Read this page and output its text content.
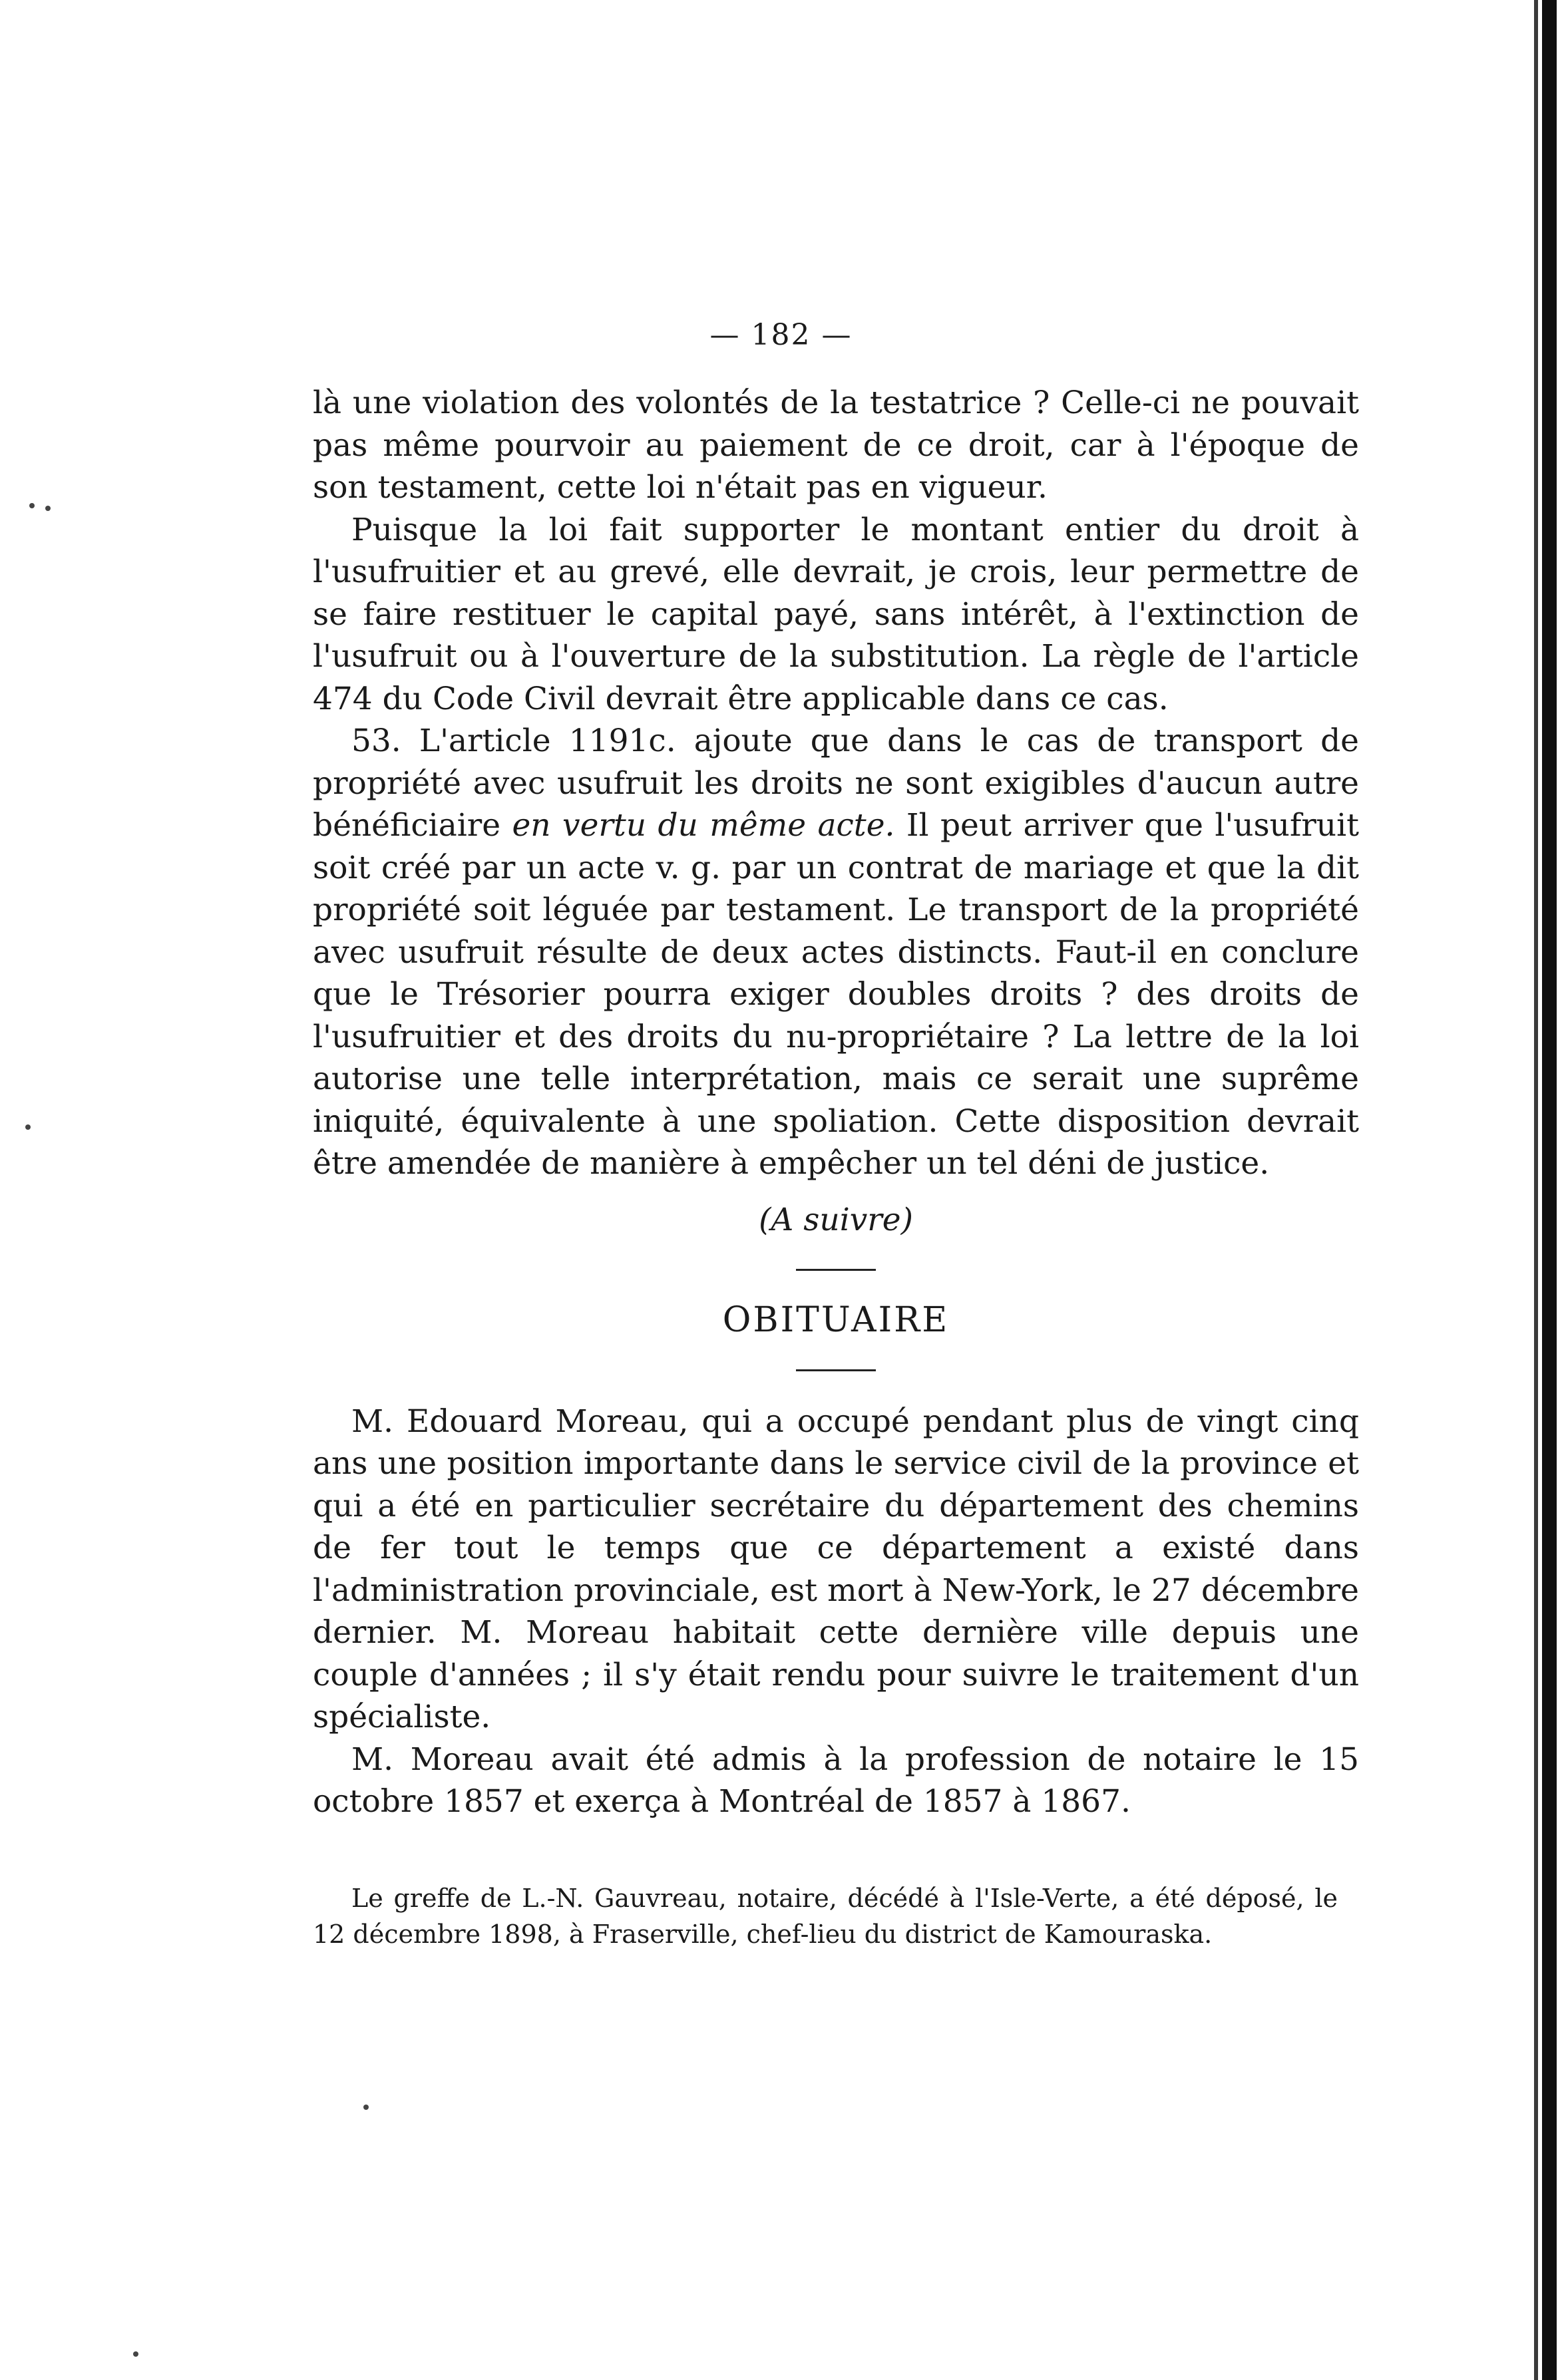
— 182 —

là une violation des volontés de la testatrice ? Celle-ci ne pouvait pas même pourvoir au paiement de ce droit, car à l'époque de son testament, cette loi n'était pas en vigueur.

Puisque la loi fait supporter le montant entier du droit à l'usufruitier et au grevé, elle devrait, je crois, leur permettre de se faire restituer le capital payé, sans intérêt, à l'extinction de l'usufruit ou à l'ouverture de la substitution. La règle de l'article 474 du Code Civil devrait être applicable dans ce cas.

53. L'article 1191c. ajoute que dans le cas de transport de propriété avec usufruit les droits ne sont exigibles d'aucun autre bénéficiaire en vertu du même acte. Il peut arriver que l'usufruit soit créé par un acte v. g. par un contrat de mariage et que la dit propriété soit léguée par testament. Le transport de la propriété avec usufruit résulte de deux actes distincts. Faut-il en conclure que le Trésorier pourra exiger doubles droits ? des droits de l'usufruitier et des droits du nu-propriétaire ? La lettre de la loi autorise une telle interprétation, mais ce serait une suprême iniquité, équivalente à une spoliation. Cette disposition devrait être amendée de manière à empêcher un tel déni de justice.

(A suivre)
OBITUAIRE

M. Edouard Moreau, qui a occupé pendant plus de vingt cinq ans une position importante dans le service civil de la province et qui a été en particulier secrétaire du département des chemins de fer tout le temps que ce département a existé dans l'administration provinciale, est mort à New-York, le 27 décembre dernier. M. Moreau habitait cette dernière ville depuis une couple d'années ; il s'y était rendu pour suivre le traitement d'un spécialiste.

M. Moreau avait été admis à la profession de notaire le 15 octobre 1857 et exerça à Montréal de 1857 à 1867.

Le greffe de L.-N. Gauvreau, notaire, décédé à l'Isle-Verte, a été déposé, le 12 décembre 1898, à Fraserville, chef-lieu du district de Kamouraska.
